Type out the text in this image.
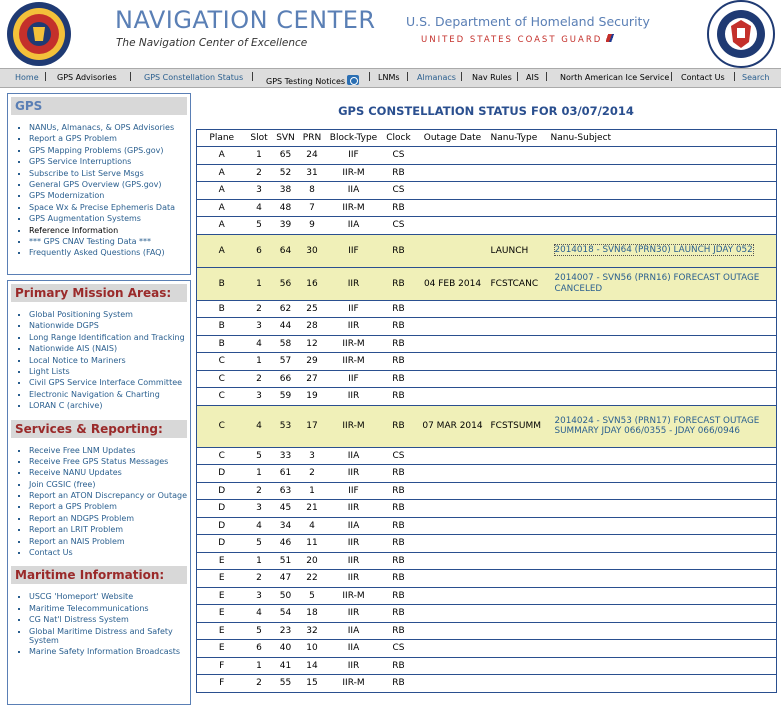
NAVIGATION CENTER
The Navigation Center of Excellence
U.S. Department of Homeland Security
UNITED STATES COAST GUARD
Home | GPS Advisories | GPS Constellation Status | GPS Testing Notices	| LNMs | Almanacs | Nav Rules | AIS | North American Ice Service | Contact Us | Search
GPS
NANUs, Almanacs, & OPS Advisories
Report a GPS Problem
GPS Mapping Problems (GPS.gov)
GPS Service Interruptions
Subscribe to List Serve Msgs
General GPS Overview (GPS.gov)
GPS Modernization
Space Wx & Precise Ephemeris Data
GPS Augmentation Systems
Reference Information
*** GPS CNAV Testing Data ***
Frequently Asked Questions (FAQ)
Primary Mission Areas:
Global Positioning System
Nationwide DGPS
Long Range Identification and Tracking
Nationwide AIS (NAIS)
Local Notice to Mariners
Light Lists
Civil GPS Service Interface Committee
Electronic Navigation & Charting
LORAN C (archive)
Services & Reporting:
Receive Free LNM Updates
Receive Free GPS Status Messages
Receive NANU Updates
Join CGSIC (free)
Report an ATON Discrepancy or Outage
Report a GPS Problem
Report an NDGPS Problem
Report an LRIT Problem
Report an NAIS Problem
Contact Us
Maritime Information:
USCG 'Homeport' Website
Maritime Telecommunications
CG Nat'l Distress System
Global Maritime Distress and Safety System
Marine Safety Information Broadcasts
GPS CONSTELLATION STATUS FOR 03/07/2014
Plane	Slot	SVN	PRN	Block-Type	Clock	Outage Date	Nanu-Type	Nanu-Subject
A	1	65	24	IIF	CS			
A	2	52	31	IIR-M	RB			
A	3	38	8	IIA	CS			
A	4	48	7	IIR-M	RB			
A	5	39	9	IIA	CS			
A	6	64	30	IIF	RB		LAUNCH	2014018 - SVN64 (PRN30) LAUNCH JDAY 052
B	1	56	16	IIR	RB	04 FEB 2014	FCSTCANC	2014007 - SVN56 (PRN16) FORECAST OUTAGE CANCELED
B	2	62	25	IIF	RB			
B	3	44	28	IIR	RB			
B	4	58	12	IIR-M	RB			
C	1	57	29	IIR-M	RB			
C	2	66	27	IIF	RB			
C	3	59	19	IIR	RB			
C	4	53	17	IIR-M	RB	07 MAR 2014	FCSTSUMM	2014024 - SVN53 (PRN17) FORECAST OUTAGE SUMMARY JDAY 066/0355 - JDAY 066/0946
C	5	33	3	IIA	CS			
D	1	61	2	IIR	RB			
D	2	63	1	IIF	RB			
D	3	45	21	IIR	RB			
D	4	34	4	IIA	RB			
D	5	46	11	IIR	RB			
E	1	51	20	IIR	RB			
E	2	47	22	IIR	RB			
E	3	50	5	IIR-M	RB			
E	4	54	18	IIR	RB			
E	5	23	32	IIA	RB			
E	6	40	10	IIA	CS			
F	1	41	14	IIR	RB			
F	2	55	15	IIR-M	RB			
